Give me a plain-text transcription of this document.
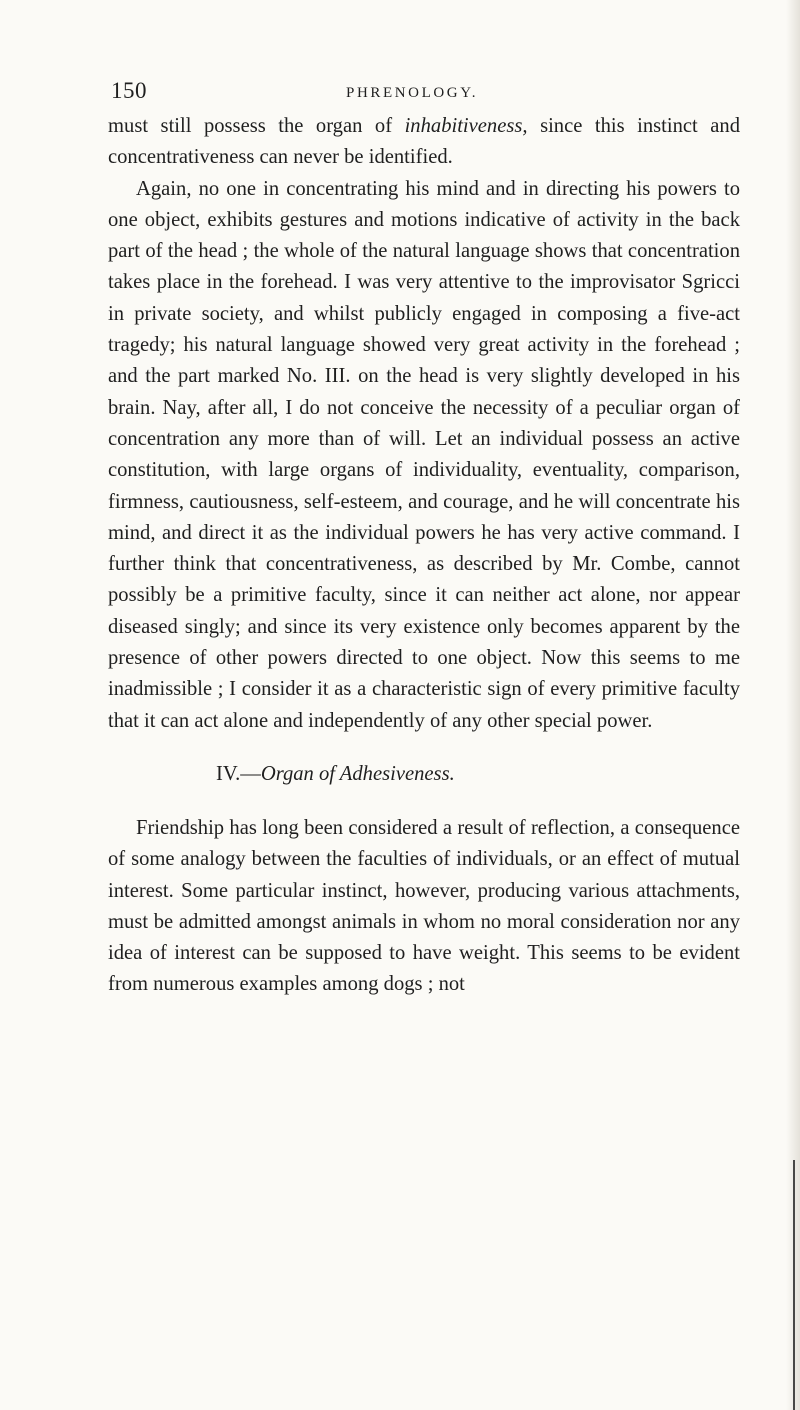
150	PHRENOLOGY.

must still possess the organ of inhabitiveness, since this instinct and concentrativeness can never be identified.

Again, no one in concentrating his mind and in directing his powers to one object, exhibits gestures and motions indicative of activity in the back part of the head ; the whole of the natural language shows that concentration takes place in the forehead. I was very attentive to the improvisator Sgricci in private society, and whilst publicly engaged in composing a five-act tragedy; his natural language showed very great activity in the forehead ; and the part marked No. III. on the head is very slightly developed in his brain. Nay, after all, I do not conceive the necessity of a peculiar organ of concentration any more than of will. Let an individual possess an active constitution, with large organs of individuality, eventuality, comparison, firmness, cautiousness, self-esteem, and courage, and he will concentrate his mind, and direct it as the individual powers he has very active command. I further think that concentrativeness, as described by Mr. Combe, cannot possibly be a primitive faculty, since it can neither act alone, nor appear diseased singly; and since its very existence only becomes apparent by the presence of other powers directed to one object. Now this seems to me inadmissible ; I consider it as a characteristic sign of every primitive faculty that it can act alone and independently of any other special power.

IV.—Organ of Adhesiveness.

Friendship has long been considered a result of reflection, a consequence of some analogy between the faculties of individuals, or an effect of mutual interest. Some particular instinct, however, producing various attachments, must be admitted amongst animals in whom no moral consideration nor any idea of interest can be supposed to have weight. This seems to be evident from numerous examples among dogs ; not
